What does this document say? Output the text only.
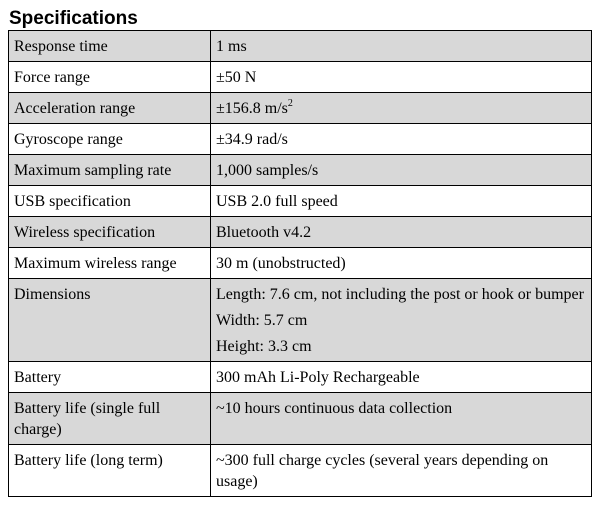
Specifications
Response time	1 ms

Force range	±50 N

Acceleration range	±156.8 $m/s^2$

Gyroscope range	±34.9 rad/s

Maximum sampling rate	1,000 samples/s

USB specification	USB 2.0 full speed

Wireless specification	Bluetooth v4.2

Maximum wireless range	30 m (unobstructed)

Dimensions	Length: 7.6 cm, not including the post or hook or bumper
Width: 5.7 cm
Height: 3.3 cm

Battery	300 mAh Li-Poly Rechargeable

Battery life (single full charge)	~10 hours continuous data collection

Battery life (long term)	~300 full charge cycles (several years depending on usage)
